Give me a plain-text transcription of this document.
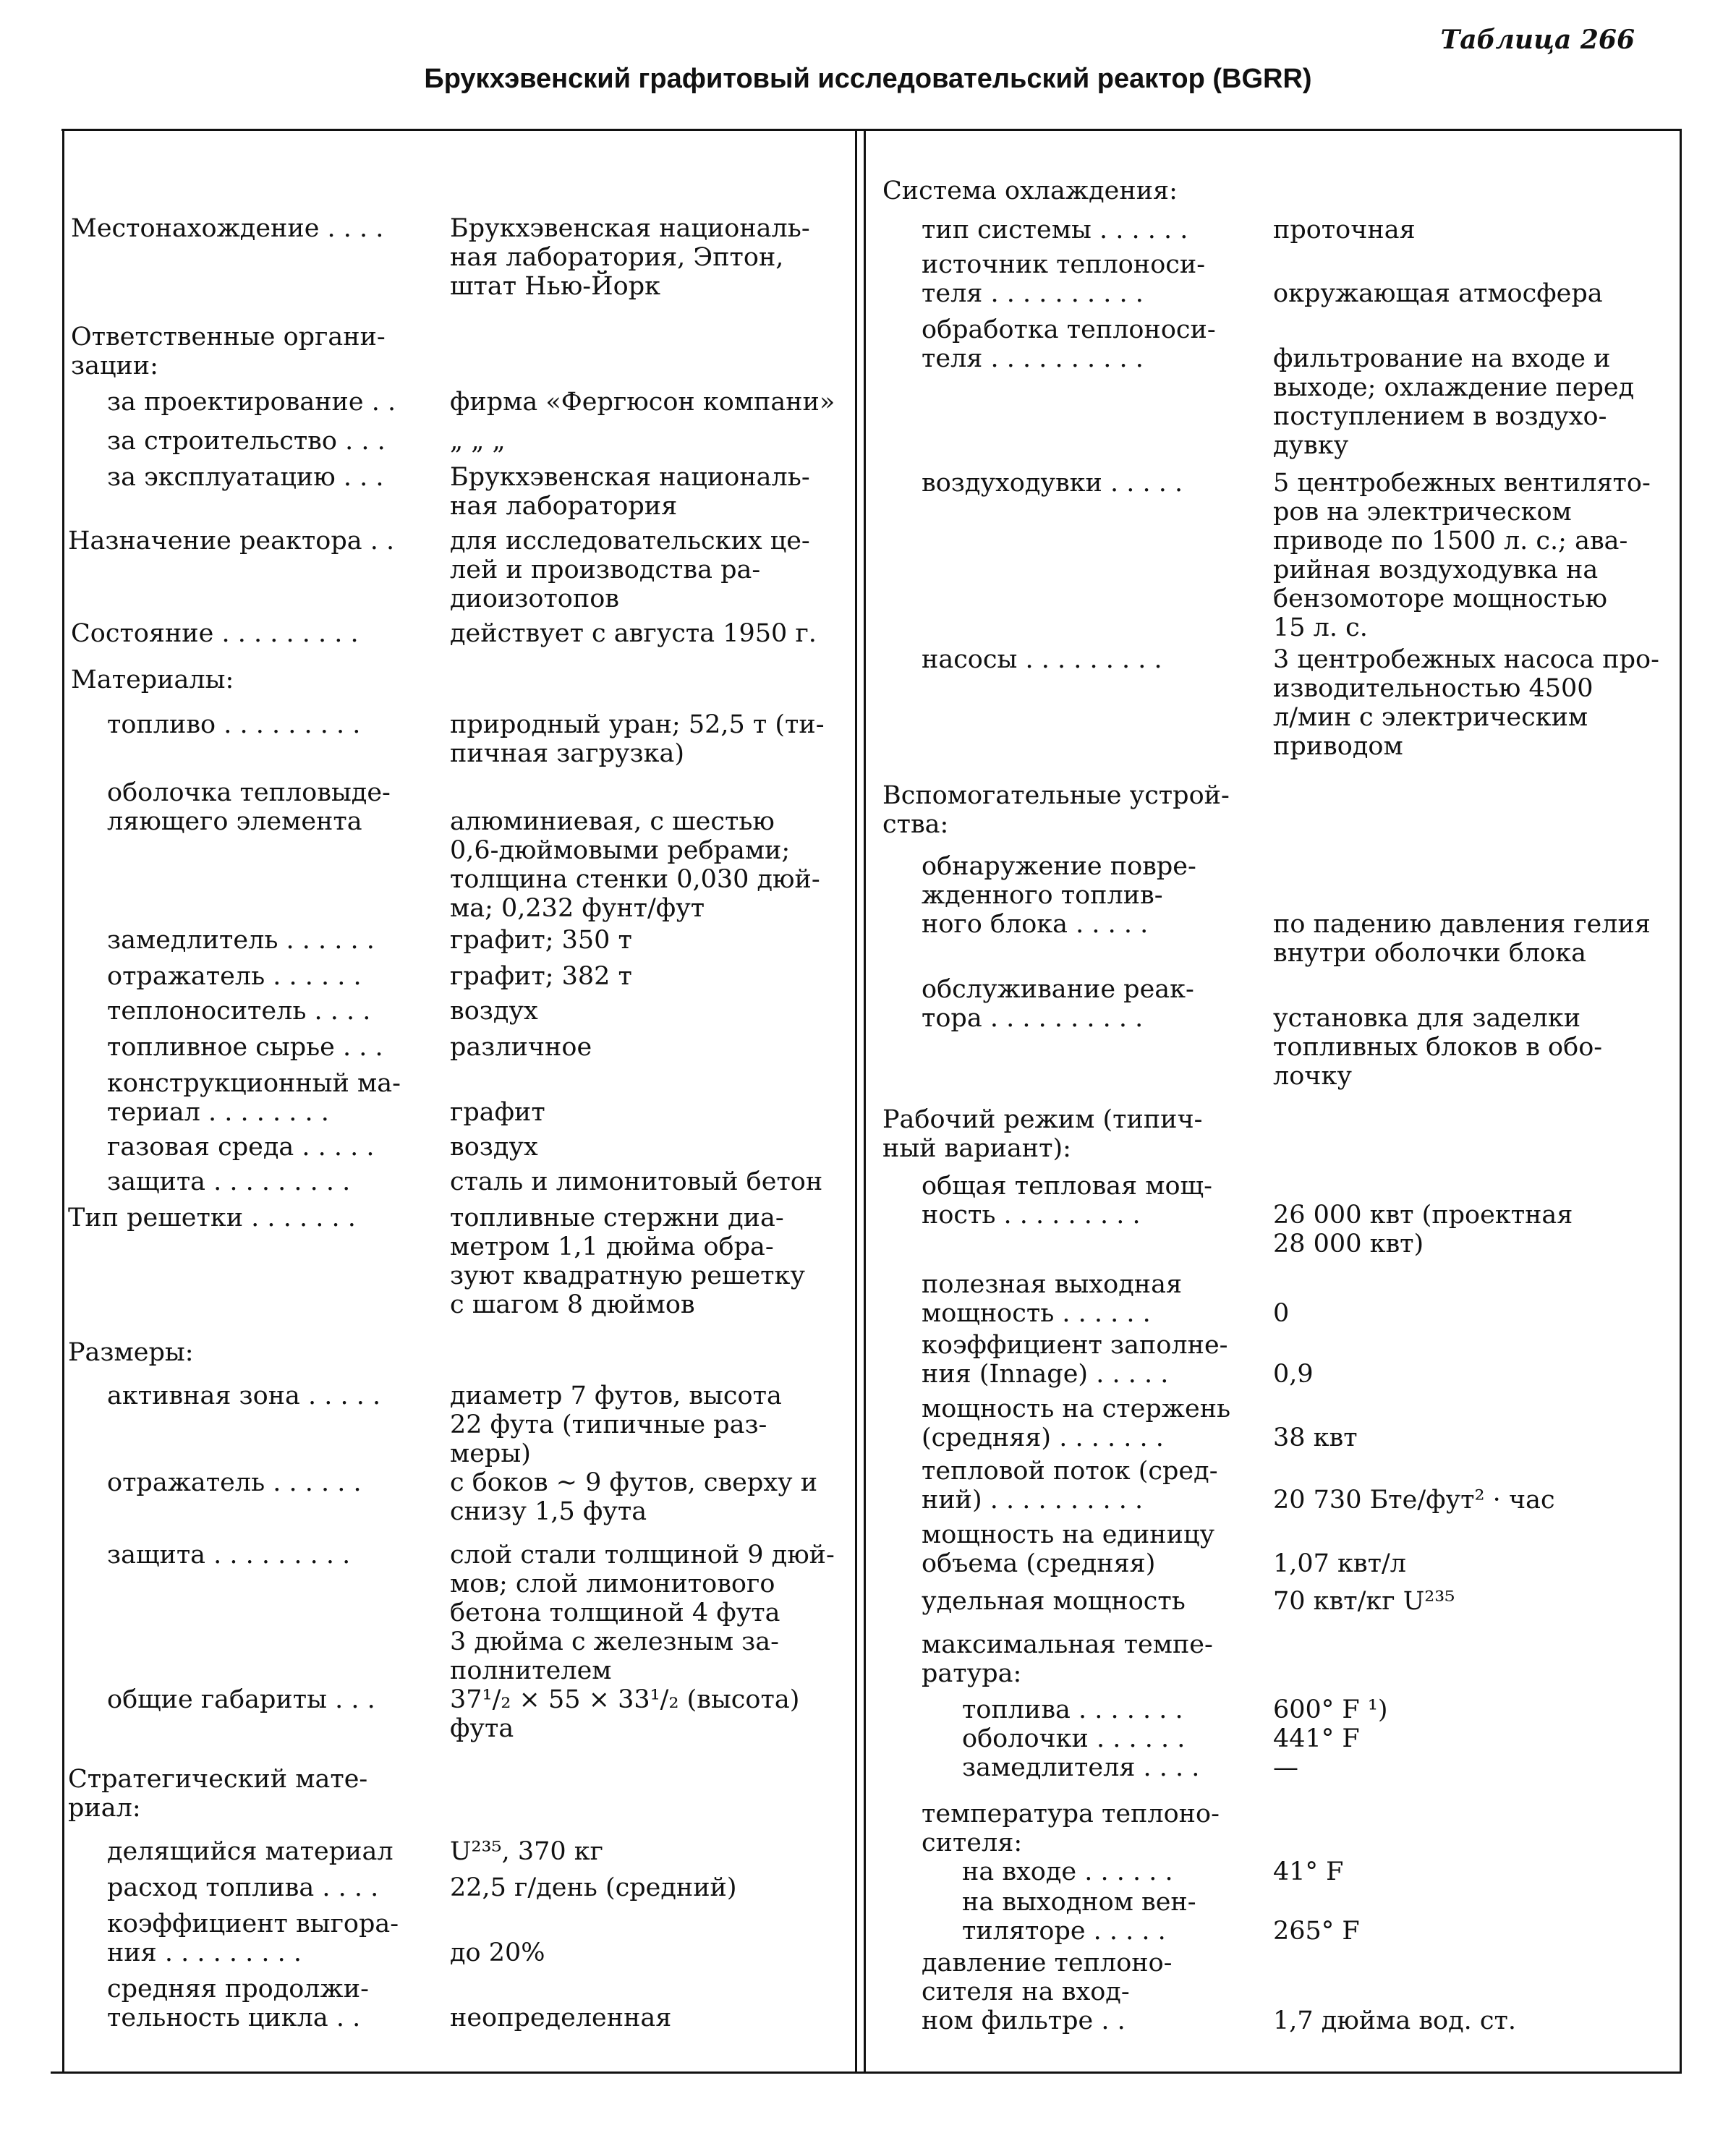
Таблица 266
Брукхэвенский графитовый исследовательский реактор (BGRR)
Местонахождение . . . .	Брукхэвенская националь-
ная лаборатория, Эптон,
штат Нью-Йорк
Ответственные органи-
зации:
за проектирование . .	фирма «Фергюсон компани»
за строительство . . .	„ „ „
за эксплуатацию . . .	Брукхэвенская националь-
ная лаборатория
Назначение реактора . .	для исследовательских це-
лей и производства ра-
диоизотопов
Состояние . . . . . . . . .	действует с августа 1950 г.
Материалы:
топливо . . . . . . . . .	природный уран; 52,5 т (ти-
пичная загрузка)
оболочка тепловыде-
ляющего элемента	алюминиевая, с шестью
0,6-дюймовыми ребрами;
толщина стенки 0,030 дюй-
ма; 0,232 фунт/фут
замедлитель . . . . . .	графит; 350 т
отражатель . . . . . .	графит; 382 т
теплоноситель . . . .	воздух
топливное сырье . . .	различное
конструкционный ма-
териал . . . . . . . .	графит
газовая среда . . . . .	воздух
защита . . . . . . . . .	сталь и лимонитовый бетон
Тип решетки . . . . . . .	топливные стержни диа-
метром 1,1 дюйма обра-
зуют квадратную решетку
с шагом 8 дюймов
Размеры:
активная зона . . . . .	диаметр 7 футов, высота
22 фута (типичные раз-
меры)
отражатель . . . . . .	с боков ~ 9 футов, сверху и
снизу 1,5 фута
защита . . . . . . . . .	слой стали толщиной 9 дюй-
мов; слой лимонитового
бетона толщиной 4 фута
3 дюйма с железным за-
полнителем
общие габариты . . .	37¹/₂ × 55 × 33¹/₂ (высота)
фута
Стратегический мате-
риал:
делящийся материал	U²³⁵, 370 кг
расход топлива . . . .	22,5 г/день (средний)
коэффициент выгора-
ния . . . . . . . . .	до 20%
средняя продолжи-
тельность цикла . .	неопределенная
Система охлаждения:
тип системы . . . . . .	проточная
источник теплоноси-
теля . . . . . . . . . .	окружающая атмосфера
обработка теплоноси-
теля . . . . . . . . . .	фильтрование на входе и
выходе; охлаждение перед
поступлением в воздухо-
дувку
воздуходувки . . . . .	5 центробежных вентилято-
ров на электрическом
приводе по 1500 л. с.; ава-
рийная воздуходувка на
бензомоторе мощностью
15 л. с.
насосы . . . . . . . . .	3 центробежных насоса про-
изводительностью 4500
л/мин с электрическим
приводом
Вспомогательные устрой-
ства:
обнаружение повре-
жденного топлив-
ного блока . . . . .	по падению давления гелия
внутри оболочки блока
обслуживание реак-
тора . . . . . . . . . .	установка для заделки
топливных блоков в обо-
лочку
Рабочий режим (типич-
ный вариант):
общая тепловая мощ-
ность . . . . . . . . .	26 000 квт (проектная
28 000 квт)
полезная выходная
мощность . . . . . .	0
коэффициент заполне-
ния (Innage) . . . . .	0,9
мощность на стержень
(средняя) . . . . . . .	38 квт
тепловой поток (сред-
ний) . . . . . . . . . .	20 730 Бте/фут² · час
мощность на единицу
объема (средняя)	1,07 квт/л
удельная мощность	70 квт/кг U²³⁵
максимальная темпе-
ратура:
топлива . . . . . . .	600° F ¹)
оболочки . . . . . .	441° F
замедлителя . . . .	—
температура теплоно-
сителя:
на входе . . . . . .	41° F
на выходном вен-
тиляторе . . . . .	265° F
давление теплоно-
сителя на вход-
ном фильтре . .	1,7 дюйма вод. ст.
